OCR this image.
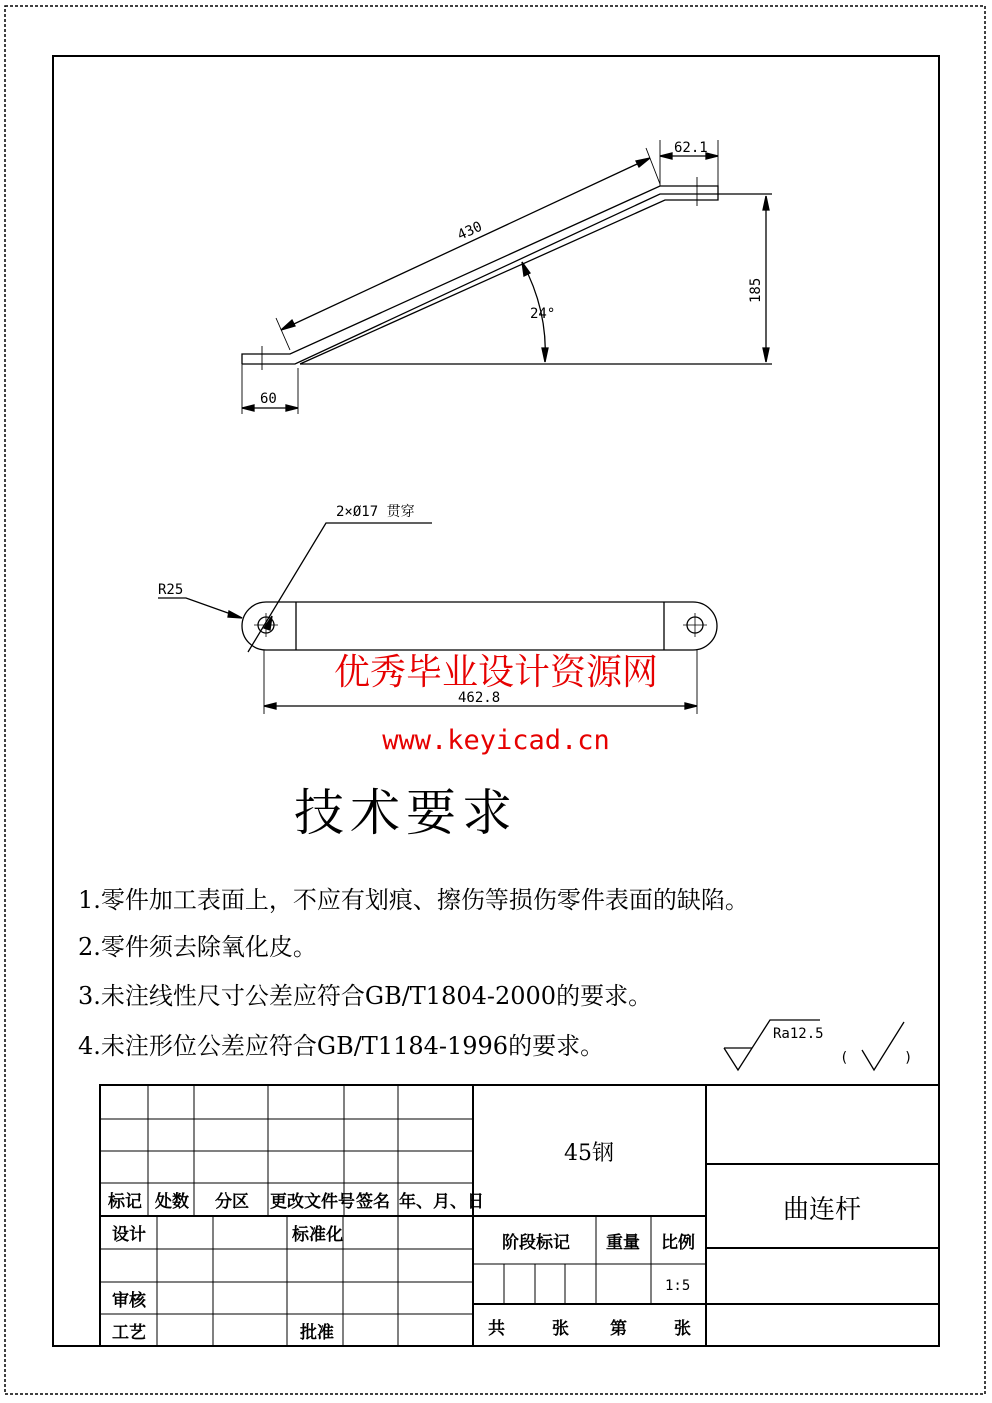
430
185
24°
62.1
60
2×Ø17 贯穿
R25
462.8
优秀毕业设计资源网
www.keyicad.cn
技术要求
1.零件加工表面上，不应有划痕、擦伤等损伤零件表面的缺陷。
2.零件须去除氧化皮。
3.未注线性尺寸公差应符合GB/T1804-2000的要求。
4.未注形位公差应符合GB/T1184-1996的要求。	Ra12.5
(	)
标记 处数 分区 更改文件号 签名 年、月、日
设计	标准化
审核
工艺	批准
45钢
阶段标记 重量 比例
1:5
共	张 第	张
曲连杆
